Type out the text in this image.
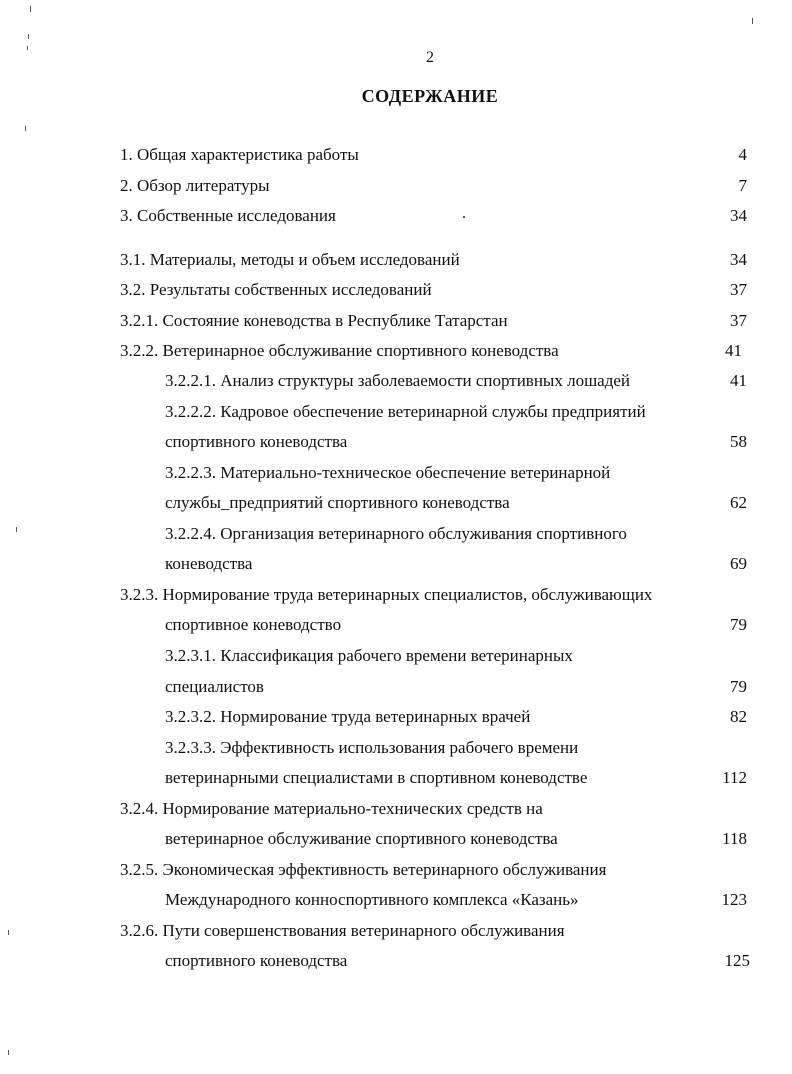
2
СОДЕРЖАНИЕ
1. Общая характеристика работы	4
2. Обзор литературы	7
3. Собственные исследования	34
3.1. Материалы, методы и объем исследований	34
3.2. Результаты собственных исследований	37
3.2.1. Состояние коневодства в Республике Татарстан	37
3.2.2. Ветеринарное обслуживание спортивного коневодства	41
3.2.2.1. Анализ структуры заболеваемости спортивных лошадей	41
3.2.2.2. Кадровое обеспечение ветеринарной службы предприятий
спортивного коневодства	58
3.2.2.3. Материально-техническое обеспечение ветеринарной
службы_предприятий спортивного коневодства	62
3.2.2.4. Организация ветеринарного обслуживания спортивного
коневодства	69
3.2.3. Нормирование труда ветеринарных специалистов, обслуживающих
спортивное коневодство	79
3.2.3.1. Классификация рабочего времени ветеринарных
специалистов	79
3.2.3.2. Нормирование труда ветеринарных врачей	82
3.2.3.3. Эффективность использования рабочего времени
ветеринарными специалистами в спортивном коневодстве	112
3.2.4. Нормирование материально-технических средств на
ветеринарное обслуживание спортивного коневодства	118
3.2.5. Экономическая эффективность ветеринарного обслуживания
Международного конноспортивного комплекса «Казань»	123
3.2.6. Пути совершенствования ветеринарного обслуживания
спортивного коневодства	125
